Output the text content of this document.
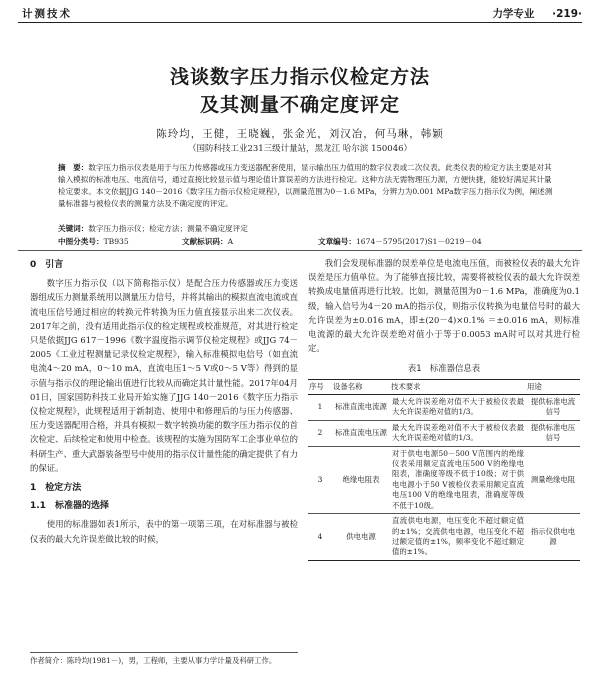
计测技术	力学专业 ·219·
浅谈数字压力指示仪检定方法
及其测量不确定度评定
陈玲均，王健，王晓巍，张金光，刘汉冶，何马琳，韩颖
（国防科技工业231三级计量站，黑龙江 哈尔滨 150046）
摘　要：数字压力指示仪表是用于与压力传感器或压力变送器配套使用，显示输出压力值用的数字仪表或二次仪表。此类仪表的检定方法主要是对其输入模拟的标准电压、电流信号，通过直接比较显示值与理论值计算误差的方法进行检定。这种方法无需物理压力源，方便快捷，能较好满足其计量检定要求。本文依据JJG 140－2016《数字压力指示仪检定规程》，以测量范围为0－1.6 MPa，分辨力为0.001 MPa数字压力指示仪为例，阐述测量标准器与被检仪表的测量方法及不确定度的评定。
关键词：数字压力指示仪；检定方法；测量不确定度评定
中图分类号：TB935	文献标识码：A	文章编号：1674－5795(2017)S1－0219－04
0　引言

数字压力指示仪（以下简称指示仪）是配合压力传感器或压力变送器组成压力测量系统用以测量压力信号，并将其输出的模拟直流电流或直流电压信号通过相应的转换元件转换为压力值直接显示出来二次仪表。2017年之前，没有适用此指示仪的检定规程或校准规范，对其进行检定只是依据JJG 617－1996《数字温度指示调节仪检定规程》或JJG 74－2005《工业过程测量记录仪检定规程》，输入标准模拟电信号（如直流电流4～20 mA，0～10 mA，直流电压1～5 V或0～5 V等）得到的显示值与指示仪的理论输出值进行比较从而确定其计量性能。2017年04月01日，国家国防科技工业局开始实施了JJG 140－2016《数字压力指示仪检定规程》，此规程适用于新制造、使用中和修理后的与压力传感器、压力变送器配用合格，并具有模拟－数字转换功能的数字压力指示仪的首次检定、后续检定和使用中检查。该规程的实施为国防军工企事业单位的科研生产、重大武器装备型号中使用的指示仪计量性能的确定提供了有力的保证。

1　检定方法
1.1　标准器的选择

使用的标准器如表1所示，表中的第一项第三项，在对标准器与被检仪表的最大允许误差做比较的时候，

我们会发现标准器的误差单位是电流电压值，而被检仪表的最大允许误差是压力值单位。为了能够直接比较，需要将被检仪表的最大允许误差转换成电量值再进行比较。比如，测量范围为0－1.6 MPa，准确度为0.1级，输入信号为4－20 mA的指示仪，则指示仪转换为电量信号时的最大允许误差为±0.016 mA，即±(20－4)×0.1% ＝±0.016 mA，则标准电流源的最大允许误差绝对值小于等于0.0053 mA时可以对其进行检定。

表1　标准器信息表
序号	设备名称	技术要求	用途
1	标准直流电流源	最大允许误差绝对值不大于被检仪表最大允许误差绝对值的1/3。	提供标准电流信号
2	标准直流电压源	最大允许误差绝对值不大于被检仪表最大允许误差绝对值的1/3。	提供标准电压信号
3	绝缘电阻表	对于供电电源50－500 V范围内的绝缘仪表采用额定直流电压500 V的绝缘电阻表，准确度等级不低于10级；对于供电电源小于50 V被检仪表采用额定直流电压100 V的绝缘电阻表，准确度等级不低于10级。	测量绝缘电阻
4	供电电源	直流供电电源，电压变化不超过额定值的±1%；交流供电电源，电压变化不超过额定值的±1%，频率变化不超过额定值的±1%。	指示仪供电电源
作者简介：陈玲均(1981－)，男，工程师，主要从事力学计量及科研工作。
